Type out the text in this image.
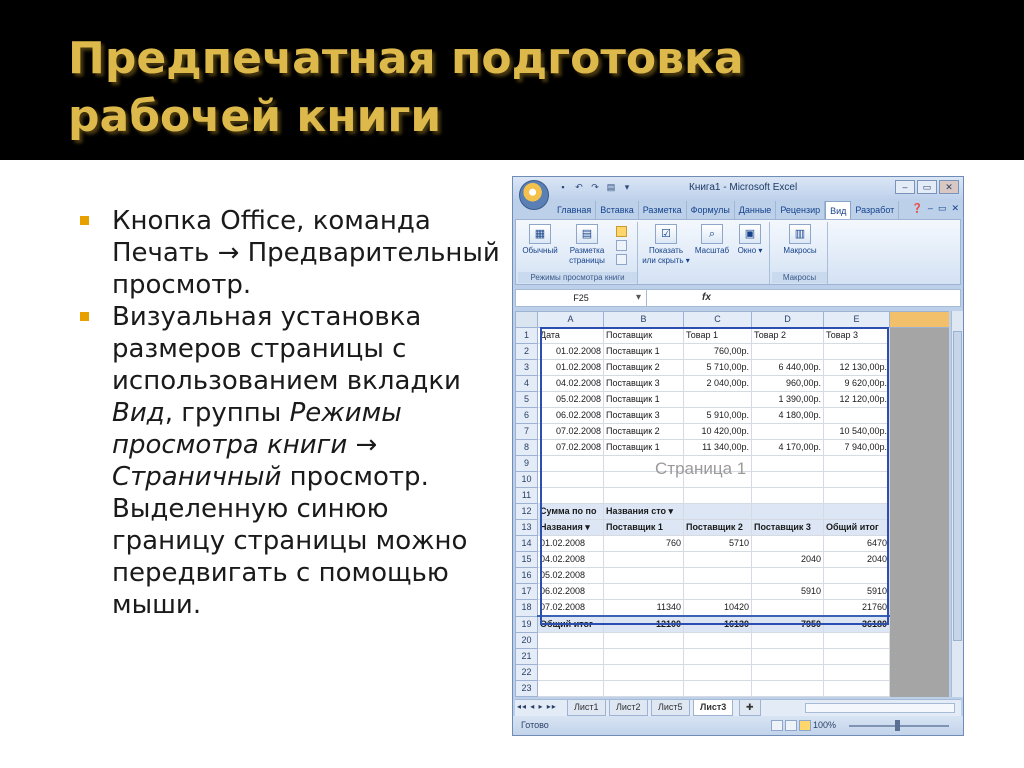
Предпечатная подготовка рабочей книги
Кнопка Office, команда Печать → Предварительный просмотр.
Визуальная установка размеров страницы с использованием вкладки Вид, группы Режимы просмотра книги → Страничный просмотр. Выделенную синюю границу страницы можно передвигать с помощью мыши.
▪	↶ ↷ ▤	▾	Книга1 - Microsoft Excel	–	▭	✕
Главная	Вставка	Разметка	Формулы	Данные	Рецензир	Вид	Разработ	❓ – ▭ ✕
▦
Обычный
▤
Разметка страницы
Режимы просмотра книги
☑
Показать или скрыть ▾
⌕
Масштаб
▣
Окно ▾
▥
Макросы
Макросы
F25	▾	fx
	A	B	C	D	E	
1	Дата	Поставщик	Товар 1	Товар 2	Товар 3	
2	01.02.2008	Поставщик 1	760,00р.			
3	01.02.2008	Поставщик 2	5 710,00р.	6 440,00р.	12 130,00р.	
4	04.02.2008	Поставщик 3	2 040,00р.	960,00р.	9 620,00р.	
5	05.02.2008	Поставщик 1		1 390,00р.	12 120,00р.	
6	06.02.2008	Поставщик 3	5 910,00р.	4 180,00р.		
7	07.02.2008	Поставщик 2	10 420,00р.		10 540,00р.	
8	07.02.2008	Поставщик 1	11 340,00р.	4 170,00р.	7 940,00р.	
9						
10						
11						
12	Сумма по по	Названия сто ▾				
13	Названия ▾	Поставщик 1	Поставщик 2	Поставщик 3	Общий итог	
14	01.02.2008	760	5710		6470	
15	04.02.2008			2040	2040	
16	05.02.2008					
17	06.02.2008			5910	5910	
18	07.02.2008	11340	10420		21760	
19	Общий итог	12100	16130	7950	36180	
20						
21						
22						
23						

Страница 1
◂◂ ◂ ▸ ▸▸	Лист1	Лист2	Лист5	Лист3	✚
Готово	100%
